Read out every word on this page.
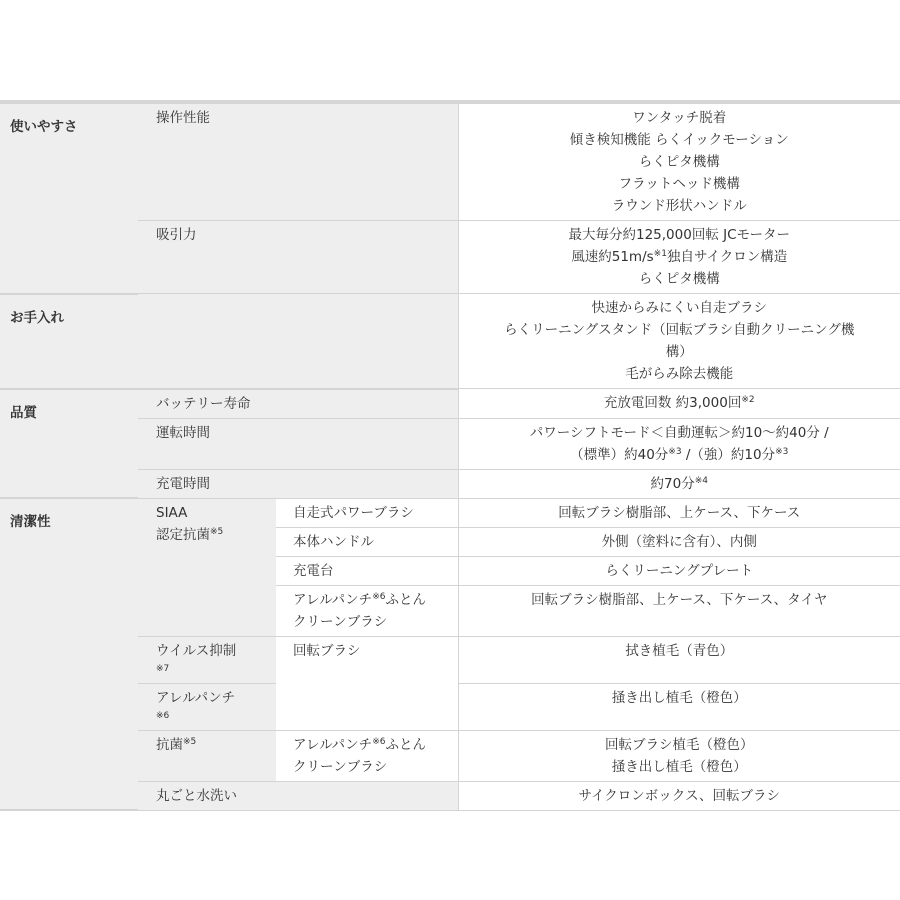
使いやすさ	操作性能		ワンタッチ脱着
傾き検知機能 らくイックモーション
らくピタ機構
フラットヘッド機構
ラウンド形状ハンドル

	吸引力		最大毎分約125,000回転 JCモーター
風速約$51m/s^{※1}$独自サイクロン構造
らくピタ機構

お手入れ			快速からみにくい自走ブラシ
らくリーニングスタンド（回転ブラシ自動クリーニング機
構）
毛がらみ除去機能

品質	バッテリー寿命		充放電回数 約3,000回$^{※2}$
	運転時間		パワーシフトモード＜自動運転＞約10〜約40分 /
（標準）約40分$^{※3}$ /（強）約10分$^{※3}$

	充電時間		約70分$^{※4}$
清潔性	SIAA
認定抗菌$^{※5}$	自走式パワーブラシ	回転ブラシ樹脂部、上ケース、下ケース
		本体ハンドル	外側（塗料に含有）、内側
		充電台	らくリーニングプレート

		アレルパンチ$^{※6}$ふとん
クリーンブラシ	回転ブラシ樹脂部、上ケース、下ケース、タイヤ
	ウイルス抑制
※7	回転ブラシ	拭き植毛（青色）
	アレルパンチ
※6		掻き出し植毛（橙色）
	抗菌$^{※5}$	アレルパンチ$^{※6}$ふとん
クリーンブラシ	回転ブラシ植毛（橙色）
掻き出し植毛（橙色）

	丸ごと水洗い		サイクロンボックス、回転ブラシ
